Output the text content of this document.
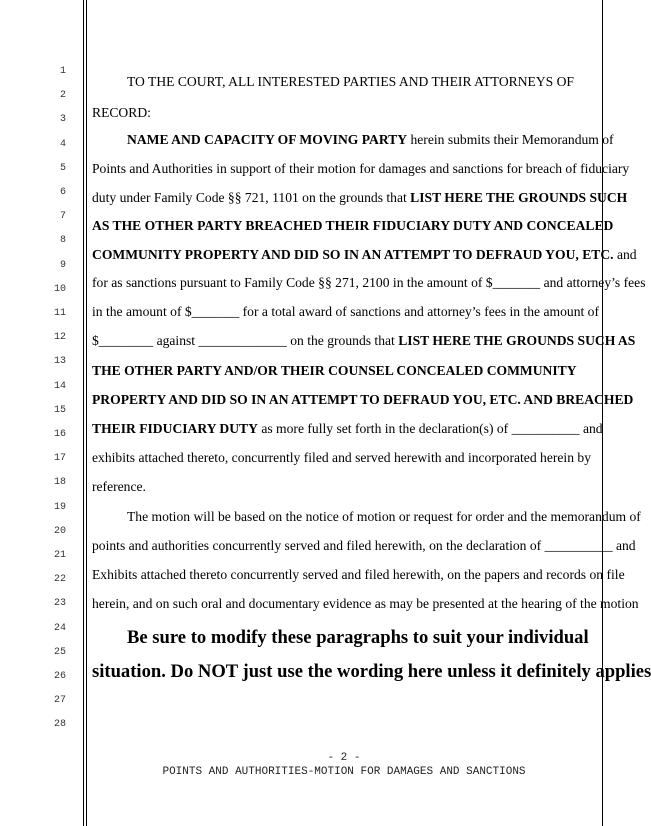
1
2
3
4
5
6
7
8
9
10
11
12
13
14
15
16
17
18
19
20
21
22
23
24
25
26
27
28
TO THE COURT, ALL INTERESTED PARTIES AND THEIR ATTORNEYS OF
RECORD:
NAME AND CAPACITY OF MOVING PARTY herein submits their Memorandum of
Points and Authorities in support of their motion for damages and sanctions for breach of fiduciary
duty under Family Code §§ 721, 1101 on the grounds that LIST HERE THE GROUNDS SUCH
AS THE OTHER PARTY BREACHED THEIR FIDUCIARY DUTY AND CONCEALED
COMMUNITY PROPERTY AND DID SO IN AN ATTEMPT TO DEFRAUD YOU, ETC. and
for as sanctions pursuant to Family Code §§ 271, 2100 in the amount of $_______ and attorney’s fees
in the amount of $_______ for a total award of sanctions and attorney’s fees in the amount of
$________ against _____________ on the grounds that LIST HERE THE GROUNDS SUCH AS
THE OTHER PARTY AND/OR THEIR COUNSEL CONCEALED COMMUNITY
PROPERTY AND DID SO IN AN ATTEMPT TO DEFRAUD YOU, ETC. AND BREACHED
THEIR FIDUCIARY DUTY as more fully set forth in the declaration(s) of __________ and
exhibits attached thereto, concurrently filed and served herewith and incorporated herein by
reference.
The motion will be based on the notice of motion or request for order and the memorandum of
points and authorities concurrently served and filed herewith, on the declaration of __________ and
Exhibits attached thereto concurrently served and filed herewith, on the papers and records on file
herein, and on such oral and documentary evidence as may be presented at the hearing of the motion
Be sure to modify these paragraphs to suit your individual
situation. Do NOT just use the wording here unless it definitely applies
- 2 -
POINTS AND AUTHORITIES-MOTION FOR DAMAGES AND SANCTIONS
